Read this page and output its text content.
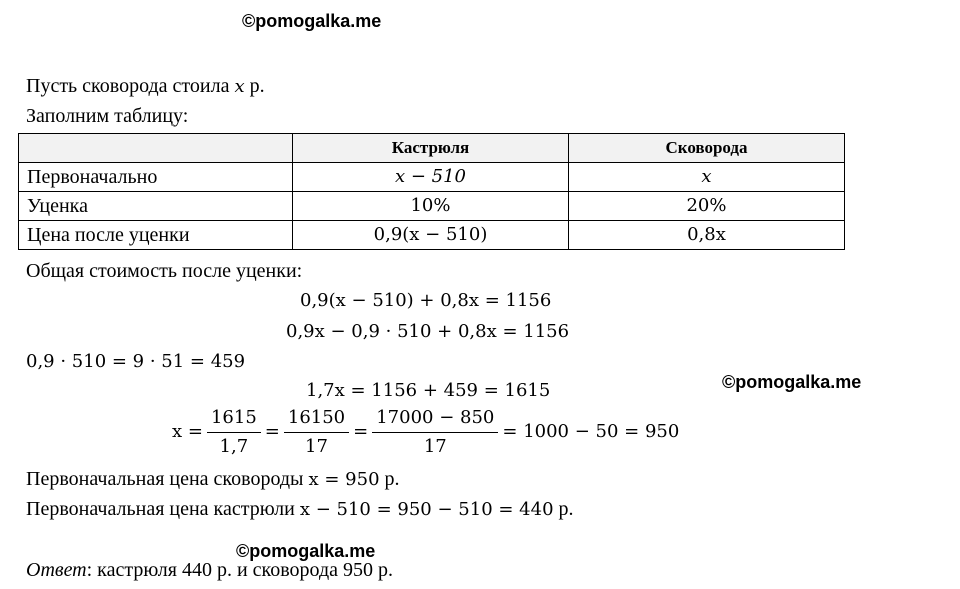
©pomogalka.me
©pomogalka.me
©pomogalka.me
Пусть сковорода стоила x р.
Заполним таблицу:
	Кастрюля	Сковорода
Первоначально	x − 510	x
Уценка	10%	20%
Цена после уценки	0,9(x − 510)	0,8x
Общая стоимость после уценки:
0,9(x − 510) + 0,8x = 1156
0,9x − 0,9 · 510 + 0,8x = 1156
0,9 · 510 = 9 · 51 = 459
1,7x = 1156 + 459 = 1615
$x = \frac{1615}{1,7} = \frac{16150}{17} = \frac{17000 - 850}{17} = 1000 - 50 = 950$
Первоначальная цена сковороды x = 950 р.
Первоначальная цена кастрюли x − 510 = 950 − 510 = 440 р.
Ответ: кастрюля 440 р. и сковорода 950 р.
